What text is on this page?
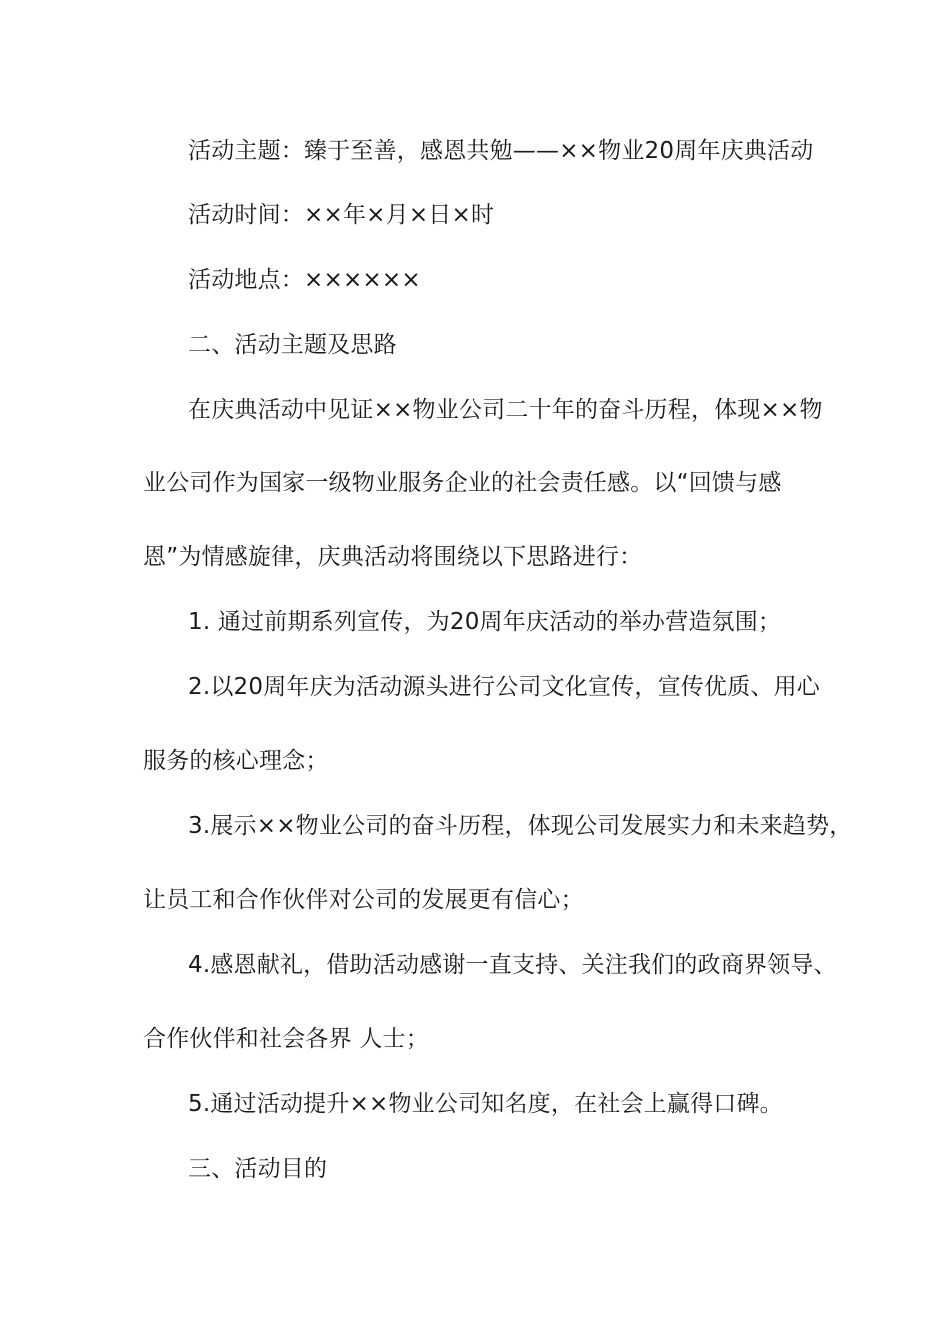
活动主题：臻于至善，感恩共勉——××物业20周年庆典活动
活动时间：××年×月×日×时
活动地点：××××××
二、活动主题及思路
在庆典活动中见证××物业公司二十年的奋斗历程，体现××物
业公司作为国家一级物业服务企业的社会责任感。以“回馈与感
恩”为情感旋律，庆典活动将围绕以下思路进行：
1. 通过前期系列宣传，为20周年庆活动的举办营造氛围；
2.以20周年庆为活动源头进行公司文化宣传，宣传优质、用心
服务的核心理念；
3.展示××物业公司的奋斗历程，体现公司发展实力和未来趋势，
让员工和合作伙伴对公司的发展更有信心；
4.感恩献礼，借助活动感谢一直支持、关注我们的政商界领导、
合作伙伴和社会各界 人士；
5.通过活动提升××物业公司知名度，在社会上赢得口碑。
三、活动目的
